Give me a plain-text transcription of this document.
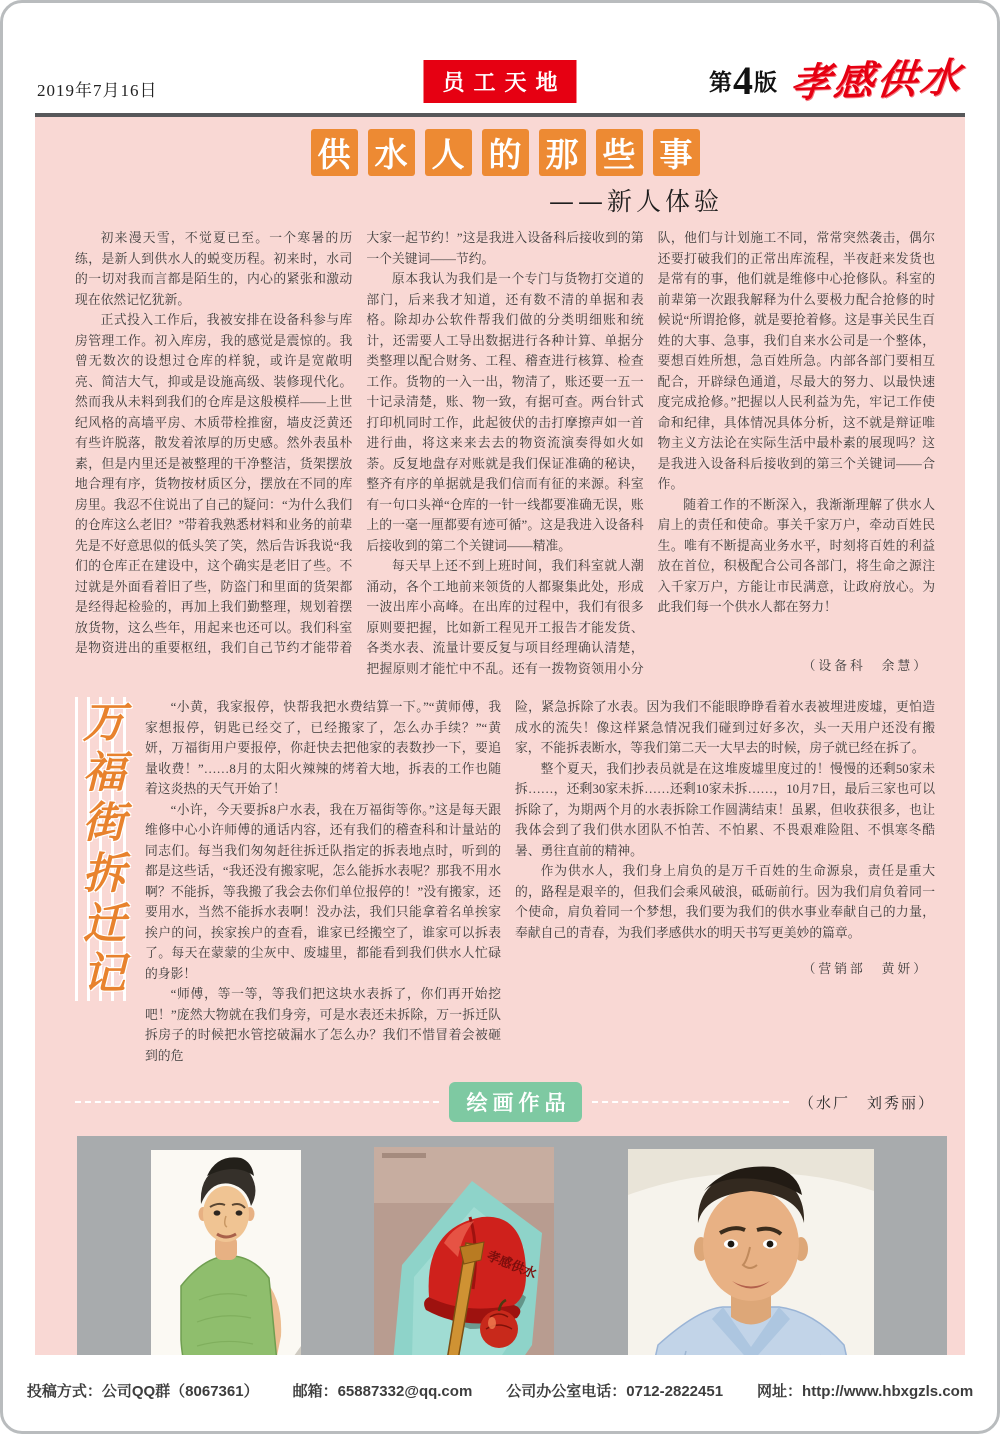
2019年7月16日	员工天地	第4版 孝感供水
供 水 人 的 那 些 事
——新人体验

初来漫天雪，不觉夏已至。一个寒暑的历练，是新人到供水人的蜕变历程。初来时，水司的一切对我而言都是陌生的，内心的紧张和激动现在依然记忆犹新。

正式投入工作后，我被安排在设备科参与库房管理工作。初入库房，我的感觉是震惊的。我曾无数次的设想过仓库的样貌，或许是宽敞明亮、简洁大气，抑或是设施高级、装修现代化。然而我从未料到我们的仓库是这般模样——上世纪风格的高墙平房、木质带栓推窗，墙皮泛黄还有些许脱落，散发着浓厚的历史感。然外表虽朴素，但是内里还是被整理的干净整洁，货架摆放地合理有序，货物按材质区分，摆放在不同的库房里。我忍不住说出了自己的疑问：“为什么我们的仓库这么老旧？”带着我熟悉材料和业务的前辈先是不好意思似的低头笑了笑，然后告诉我说“我们的仓库正在建设中，这个确实是老旧了些。不过就是外面看着旧了些，防盗门和里面的货架都是经得起检验的，再加上我们勤整理，规划着摆放货物，这么些年，用起来也还可以。我们科室是物资进出的重要枢纽，我们自己节约才能带着大家一起节约！”这是我进入设备科后接收到的第一个关键词——节约。

原本我认为我们是一个专门与货物打交道的部门，后来我才知道，还有数不清的单据和表格。除却办公软件帮我们做的分类明细账和统计，还需要人工导出数据进行各种计算、单据分类整理以配合财务、工程、稽查进行核算、检查工作。货物的一入一出，物清了，账还要一五一十记录清楚，账、物一致，有据可查。两台针式打印机同时工作，此起彼伏的击打摩擦声如一首进行曲，将这来来去去的物资流演奏得如火如荼。反复地盘存对账就是我们保证准确的秘诀，整齐有序的单据就是我们信而有征的来源。科室有一句口头禅“仓库的一针一线都要准确无误，账上的一毫一厘都要有迹可循”。这是我进入设备科后接收到的第二个关键词——精准。

每天早上还不到上班时间，我们科室就人潮涌动，各个工地前来领货的人都聚集此处，形成一波出库小高峰。在出库的过程中，我们有很多原则要把握，比如新工程见开工报告才能发货、各类水表、流量计要反复与项目经理确认清楚，把握原则才能忙中不乱。还有一拨物资领用小分队，他们与计划施工不同，常常突然袭击，偶尔还要打破我们的正常出库流程，半夜赶来发货也是常有的事，他们就是维修中心抢修队。科室的前辈第一次跟我解释为什么要极力配合抢修的时候说“所谓抢修，就是要抢着修。这是事关民生百姓的大事、急事，我们自来水公司是一个整体，要想百姓所想，急百姓所急。内部各部门要相互配合，开辟绿色通道，尽最大的努力、以最快速度完成抢修。”把握以人民利益为先，牢记工作使命和纪律，具体情况具体分析，这不就是辩证唯物主义方法论在实际生活中最朴素的展现吗？这是我进入设备科后接收到的第三个关键词——合作。

随着工作的不断深入，我渐渐理解了供水人肩上的责任和使命。事关千家万户，牵动百姓民生。唯有不断提高业务水平，时刻将百姓的利益放在首位，积极配合公司各部门，将生命之源注入千家万户，方能让市民满意，让政府放心。为此我们每一个供水人都在努力！

（设备科　余慧）

万
福
街
拆
迁
记

“小黄，我家报停，快帮我把水费结算一下。”“黄师傅，我家想报停，钥匙已经交了，已经搬家了，怎么办手续？”“黄妍，万福街用户要报停，你赶快去把他家的表数抄一下，要追量收费！”……8月的太阳火辣辣的烤着大地，拆表的工作也随着这炎热的天气开始了！

“小许，今天要拆8户水表，我在万福街等你。”这是每天跟维修中心小许师傅的通话内容，还有我们的稽查科和计量站的同志们。每当我们匆匆赶往拆迁队指定的拆表地点时，听到的都是这些话，“我还没有搬家呢，怎么能拆水表呢？那我不用水啊？不能拆，等我搬了我会去你们单位报停的！”没有搬家，还要用水，当然不能拆水表啊！没办法，我们只能拿着名单挨家挨户的问，挨家挨户的查看，谁家已经搬空了，谁家可以拆表了。每天在蒙蒙的尘灰中、废墟里，都能看到我们供水人忙碌的身影！

“师傅，等一等，等我们把这块水表拆了，你们再开始挖吧！”庞然大物就在我们身旁，可是水表还未拆除，万一拆迁队拆房子的时候把水管挖破漏水了怎么办？我们不惜冒着会被砸到的危

险，紧急拆除了水表。因为我们不能眼睁睁看着水表被埋进废墟，更怕造成水的流失！像这样紧急情况我们碰到过好多次，头一天用户还没有搬家，不能拆表断水，等我们第二天一大早去的时候，房子就已经在拆了。

整个夏天，我们抄表员就是在这堆废墟里度过的！慢慢的还剩50家未拆……，还剩30家未拆……还剩10家未拆……，10月7日，最后三家也可以拆除了，为期两个月的水表拆除工作圆满结束！虽累，但收获很多，也让我体会到了我们供水团队不怕苦、不怕累、不畏艰难险阻、不惧寒冬酷暑、勇往直前的精神。

作为供水人，我们身上肩负的是万千百姓的生命源泉，责任是重大的，路程是艰辛的，但我们会乘风破浪，砥砺前行。因为我们肩负着同一个使命，肩负着同一个梦想，我们要为我们的供水事业奉献自己的力量，奉献自己的青春，为我们孝感供水的明天书写更美妙的篇章。

（营销部　黄妍）

绘画作品	（水厂　刘秀丽）
孝感供水
投稿方式：公司QQ群（8067361） 邮箱：65887332@qq.com 公司办公室电话：0712-2822451 网址：http://www.hbxgzls.com
